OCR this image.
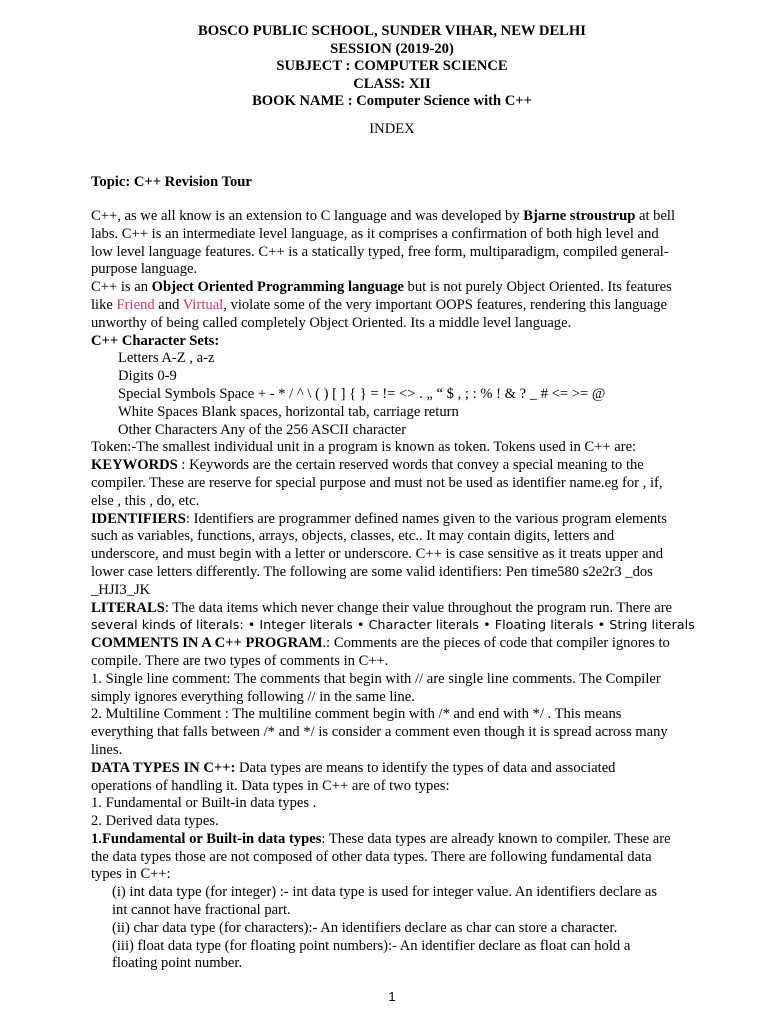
BOSCO PUBLIC SCHOOL, SUNDER VIHAR, NEW DELHI
SESSION (2019-20)
SUBJECT : COMPUTER SCIENCE
CLASS: XII
BOOK NAME : Computer Science with C++
INDEX
Topic: C++ Revision Tour
C++, as we all know is an extension to C language and was developed by Bjarne stroustrup at bell
labs. C++ is an intermediate level language, as it comprises a confirmation of both high level and
low level language features. C++ is a statically typed, free form, multiparadigm, compiled general-
purpose language.
C++ is an Object Oriented Programming language but is not purely Object Oriented. Its features
like Friend and Virtual, violate some of the very important OOPS features, rendering this language
unworthy of being called completely Object Oriented. Its a middle level language.
C++ Character Sets:
Letters A-Z , a-z
Digits 0-9
Special Symbols Space + - * / ^ \ ( ) [ ] { } = != <> . „ “ $ , ; : % ! & ? _ # <= >= @
White Spaces Blank spaces, horizontal tab, carriage return
Other Characters Any of the 256 ASCII character
Token:-The smallest individual unit in a program is known as token. Tokens used in C++ are:
KEYWORDS : Keywords are the certain reserved words that convey a special meaning to the
compiler. These are reserve for special purpose and must not be used as identifier name.eg for , if,
else , this , do, etc.
IDENTIFIERS: Identifiers are programmer defined names given to the various program elements
such as variables, functions, arrays, objects, classes, etc.. It may contain digits, letters and
underscore, and must begin with a letter or underscore. C++ is case sensitive as it treats upper and
lower case letters differently. The following are some valid identifiers: Pen time580 s2e2r3 _dos
_HJI3_JK
LITERALS: The data items which never change their value throughout the program run. There are
several kinds of literals: • Integer literals • Character literals • Floating literals • String literals
COMMENTS IN A C++ PROGRAM.: Comments are the pieces of code that compiler ignores to
compile. There are two types of comments in C++.
1. Single line comment: The comments that begin with // are single line comments. The Compiler
simply ignores everything following // in the same line.
2. Multiline Comment : The multiline comment begin with /* and end with */ . This means
everything that falls between /* and */ is consider a comment even though it is spread across many
lines.
DATA TYPES IN C++: Data types are means to identify the types of data and associated
operations of handling it. Data types in C++ are of two types:
1. Fundamental or Built-in data types .
2. Derived data types.
1.Fundamental or Built-in data types: These data types are already known to compiler. These are
the data types those are not composed of other data types. There are following fundamental data
types in C++:
(i) int data type (for integer) :- int data type is used for integer value. An identifiers declare as
int cannot have fractional part.
(ii) char data type (for characters):- An identifiers declare as char can store a character.
(iii) float data type (for floating point numbers):- An identifier declare as float can hold a
floating point number.
1
